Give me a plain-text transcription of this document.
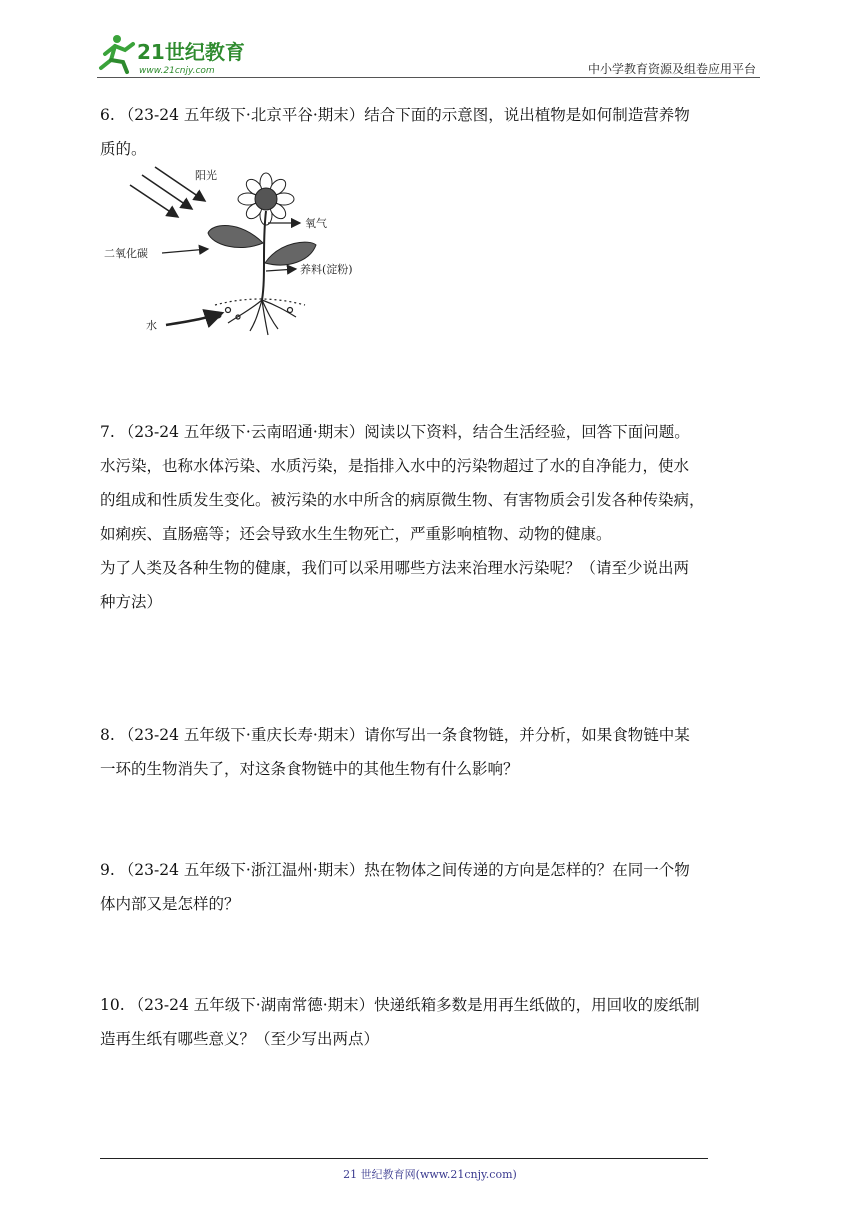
21世纪教育
www.21cnjy.com	中小学教育资源及组卷应用平台

6. （23-24 五年级下·北京平谷·期末）结合下面的示意图，说出植物是如何制造营养物

质的。

阳光
氧气
二氧化碳
养料(淀粉)
水

7. （23-24 五年级下·云南昭通·期末）阅读以下资料，结合生活经验，回答下面问题。

水污染，也称水体污染、水质污染，是指排入水中的污染物超过了水的自净能力，使水

的组成和性质发生变化。被污染的水中所含的病原微生物、有害物质会引发各种传染病，

如痢疾、直肠癌等；还会导致水生生物死亡，严重影响植物、动物的健康。

为了人类及各种生物的健康，我们可以采用哪些方法来治理水污染呢？（请至少说出两

种方法）

8. （23-24 五年级下·重庆长寿·期末）请你写出一条食物链，并分析，如果食物链中某

一环的生物消失了，对这条食物链中的其他生物有什么影响？

9. （23-24 五年级下·浙江温州·期末）热在物体之间传递的方向是怎样的？在同一个物

体内部又是怎样的？

10. （23-24 五年级下·湖南常德·期末）快递纸箱多数是用再生纸做的，用回收的废纸制

造再生纸有哪些意义？（至少写出两点）

21 世纪教育网(www.21cnjy.com)
